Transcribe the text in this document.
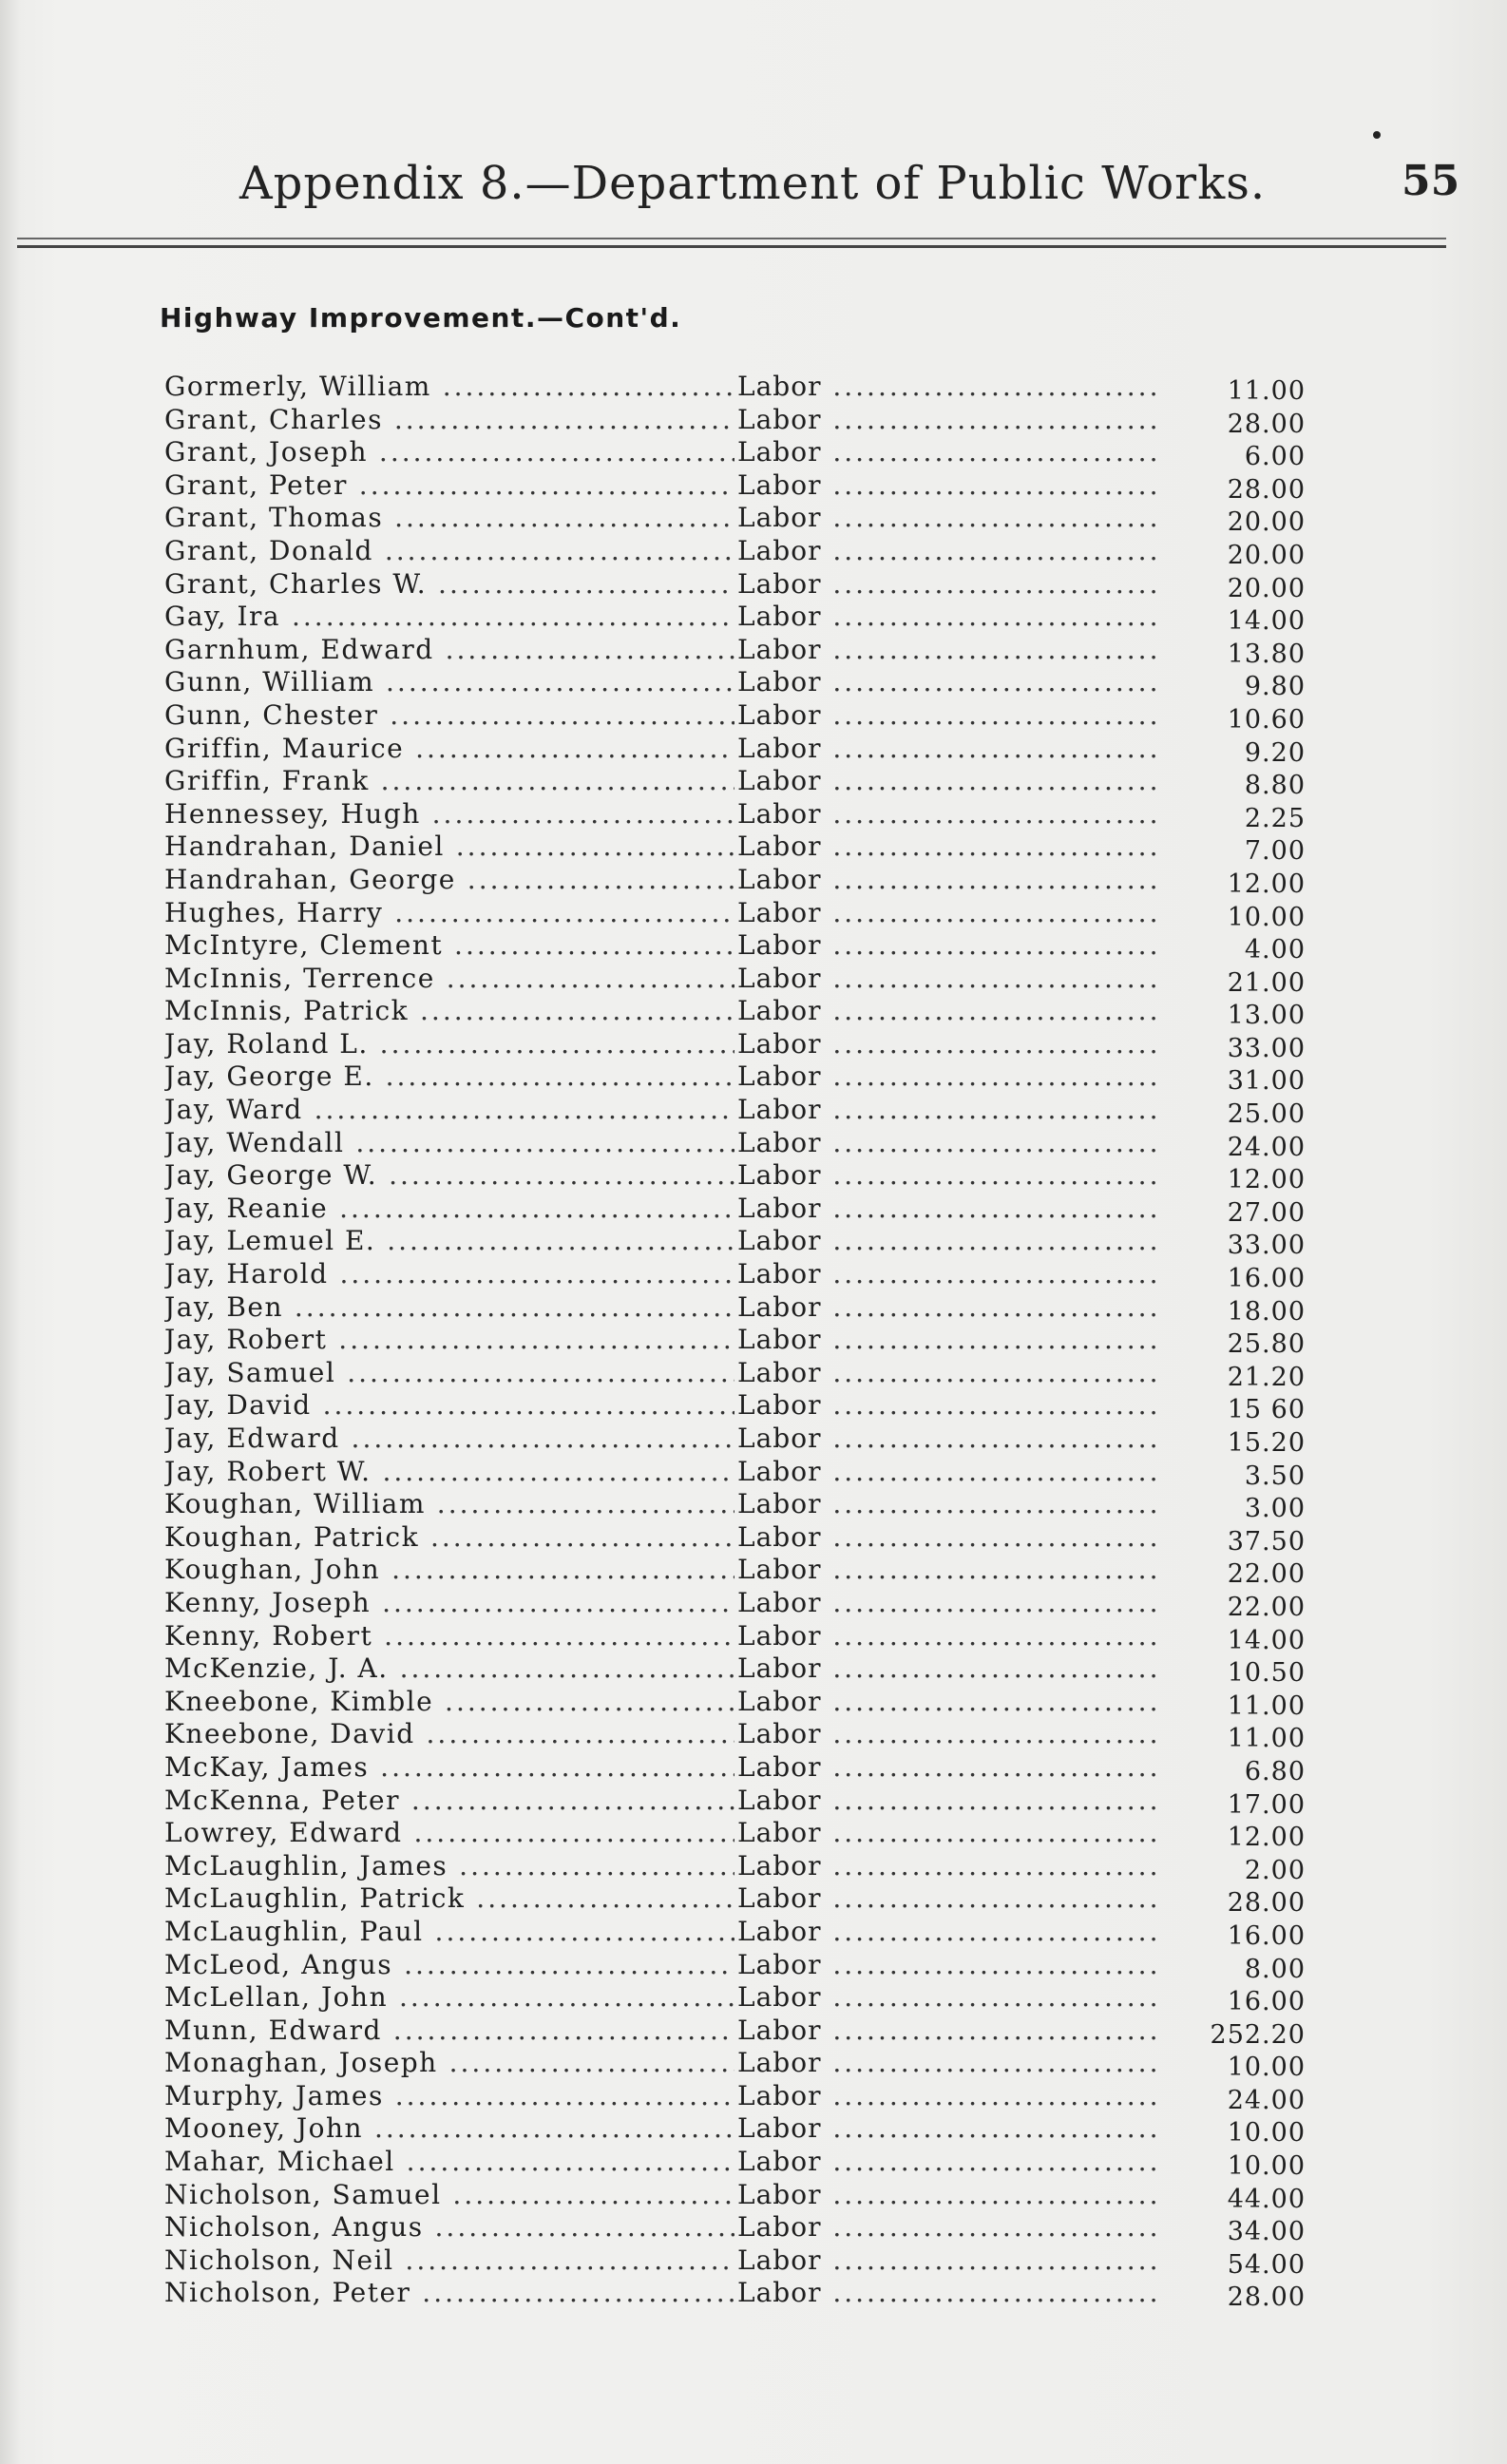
Appendix 8.—Department of Public Works.	55
Highway Improvement.—Cont'd.
Gormerly, William .....	Labor .....	11.00
Grant, Charles .....	Labor .....	28.00
Grant, Joseph .....	Labor .....	6.00
Grant, Peter .....	Labor .....	28.00
Grant, Thomas .....	Labor .....	20.00
Grant, Donald .....	Labor .....	20.00
Grant, Charles W. .....	Labor .....	20.00
Gay, Ira .....	Labor .....	14.00
Garnhum, Edward .....	Labor .....	13.80
Gunn, William .....	Labor .....	9.80
Gunn, Chester .....	Labor .....	10.60
Griffin, Maurice .....	Labor .....	9.20
Griffin, Frank .....	Labor .....	8.80
Hennessey, Hugh .....	Labor .....	2.25
Handrahan, Daniel .....	Labor .....	7.00
Handrahan, George .....	Labor .....	12.00
Hughes, Harry .....	Labor .....	10.00
McIntyre, Clement .....	Labor .....	4.00
McInnis, Terrence .....	Labor .....	21.00
McInnis, Patrick .....	Labor .....	13.00
Jay, Roland L. .....	Labor .....	33.00
Jay, George E. .....	Labor .....	31.00
Jay, Ward .....	Labor .....	25.00
Jay, Wendall .....	Labor .....	24.00
Jay, George W. .....	Labor .....	12.00
Jay, Reanie .....	Labor .....	27.00
Jay, Lemuel E. .....	Labor .....	33.00
Jay, Harold .....	Labor .....	16.00
Jay, Ben .....	Labor .....	18.00
Jay, Robert .....	Labor .....	25.80
Jay, Samuel .....	Labor .....	21.20
Jay, David .....	Labor .....	15 60
Jay, Edward .....	Labor .....	15.20
Jay, Robert W. .....	Labor .....	3.50
Koughan, William .....	Labor .....	3.00
Koughan, Patrick .....	Labor .....	37.50
Koughan, John .....	Labor .....	22.00
Kenny, Joseph .....	Labor .....	22.00
Kenny, Robert .....	Labor .....	14.00
McKenzie, J. A. .....	Labor .....	10.50
Kneebone, Kimble .....	Labor .....	11.00
Kneebone, David .....	Labor .....	11.00
McKay, James .....	Labor .....	6.80
McKenna, Peter .....	Labor .....	17.00
Lowrey, Edward .....	Labor .....	12.00
McLaughlin, James .....	Labor .....	2.00
McLaughlin, Patrick .....	Labor .....	28.00
McLaughlin, Paul .....	Labor .....	16.00
McLeod, Angus .....	Labor .....	8.00
McLellan, John .....	Labor .....	16.00
Munn, Edward .....	Labor .....	252.20
Monaghan, Joseph .....	Labor .....	10.00
Murphy, James .....	Labor .....	24.00
Mooney, John .....	Labor .....	10.00
Mahar, Michael .....	Labor .....	10.00
Nicholson, Samuel .....	Labor .....	44.00
Nicholson, Angus .....	Labor .....	34.00
Nicholson, Neil .....	Labor .....	54.00
Nicholson, Peter .....	Labor .....	28.00
